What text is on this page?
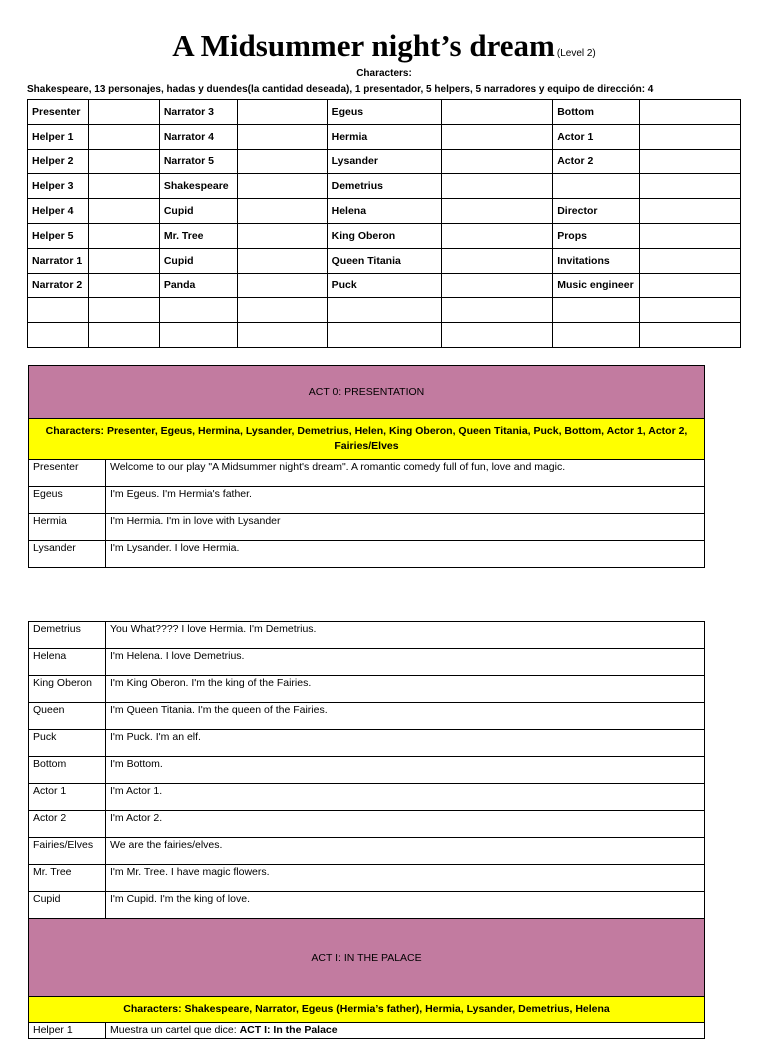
A Midsummer night’s dream (Level 2)
Characters:
Shakespeare, 13 personajes, hadas y duendes(la cantidad deseada), 1 presentador, 5 helpers, 5 narradores y equipo de dirección: 4
Presenter		Narrator 3		Egeus		Bottom	
Helper 1		Narrator 4		Hermia		Actor 1	
Helper 2		Narrator 5		Lysander		Actor 2	
Helper 3		Shakespeare		Demetrius			
Helper 4		Cupid		Helena		Director	
Helper 5		Mr. Tree		King Oberon		Props	
Narrator 1		Cupid		Queen Titania		Invitations	
Narrator 2		Panda		Puck		Music engineer	

ACT 0: PRESENTATION	
Characters: Presenter, Egeus, Hermina, Lysander, Demetrius, Helen, King Oberon, Queen Titania, Puck, Bottom, Actor 1, Actor 2, Fairies/Elves	
Presenter	Welcome to our play "A Midsummer night's dream". A romantic comedy full of fun, love and magic.
Egeus	I'm Egeus. I'm Hermia's father.
Hermia	I'm Hermia. I'm in love with Lysander
Lysander	I'm Lysander. I love Hermia.
Demetrius	You What???? I love Hermia. I'm Demetrius.
Helena	I'm Helena. I love Demetrius.
King Oberon	I'm King Oberon. I'm the king of the Fairies.
Queen	I'm Queen Titania. I'm the queen of the Fairies.
Puck	I'm Puck. I'm an elf.
Bottom	I'm Bottom.
Actor 1	I'm Actor 1.
Actor 2	I'm Actor 2.
Fairies/Elves	We are the fairies/elves.
Mr. Tree	I'm Mr. Tree. I have magic flowers.
Cupid	I'm Cupid. I'm the king of love.
ACT I: IN THE PALACE	
Characters: Shakespeare, Narrator, Egeus (Hermia’s father), Hermia, Lysander, Demetrius, Helena	
Helper 1	Muestra un cartel que dice: ACT I: In the Palace
